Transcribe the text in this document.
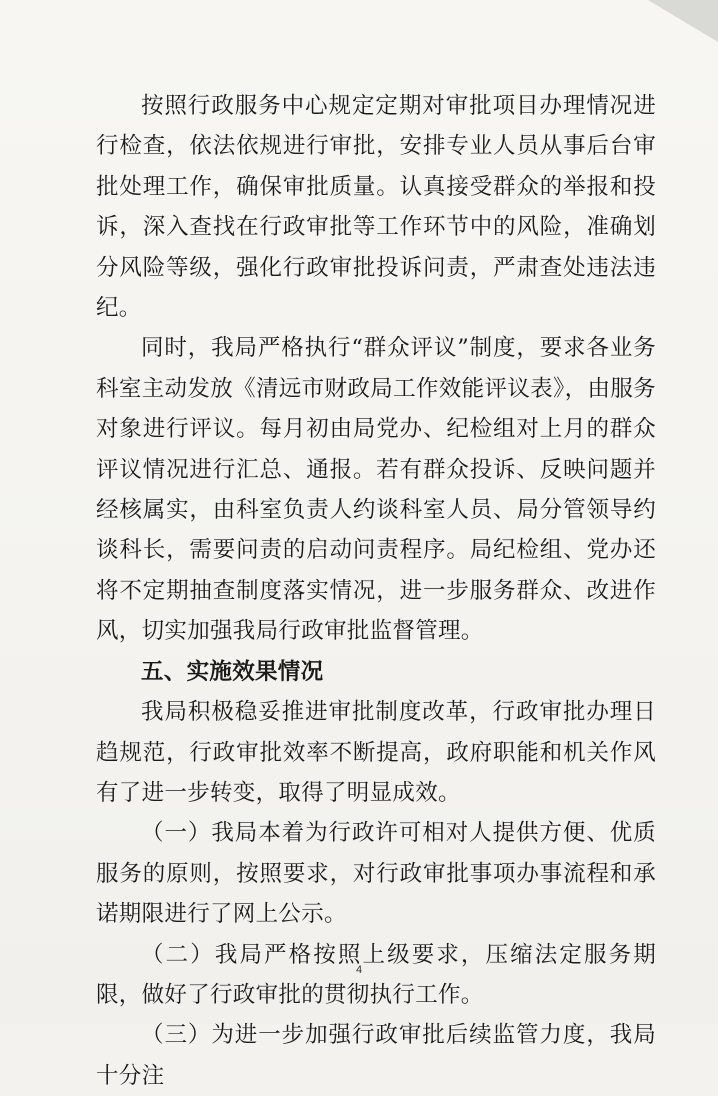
按照行政服务中心规定定期对审批项目办理情况进行检查，依法依规进行审批，安排专业人员从事后台审批处理工作，确保审批质量。认真接受群众的举报和投诉，深入查找在行政审批等工作环节中的风险，准确划分风险等级，强化行政审批投诉问责，严肃查处违法违纪。

同时，我局严格执行“群众评议”制度，要求各业务科室主动发放《清远市财政局工作效能评议表》，由服务对象进行评议。每月初由局党办、纪检组对上月的群众评议情况进行汇总、通报。若有群众投诉、反映问题并经核属实，由科室负责人约谈科室人员、局分管领导约谈科长，需要问责的启动问责程序。局纪检组、党办还将不定期抽查制度落实情况，进一步服务群众、改进作风，切实加强我局行政审批监督管理。

五、实施效果情况

我局积极稳妥推进审批制度改革，行政审批办理日趋规范，行政审批效率不断提高，政府职能和机关作风有了进一步转变，取得了明显成效。

（一）我局本着为行政许可相对人提供方便、优质服务的原则，按照要求，对行政审批事项办事流程和承诺期限进行了网上公示。

（二）我局严格按照上级要求，压缩法定服务期限，做好了行政审批的贯彻执行工作。

（三）为进一步加强行政审批后续监管力度，我局十分注

4
